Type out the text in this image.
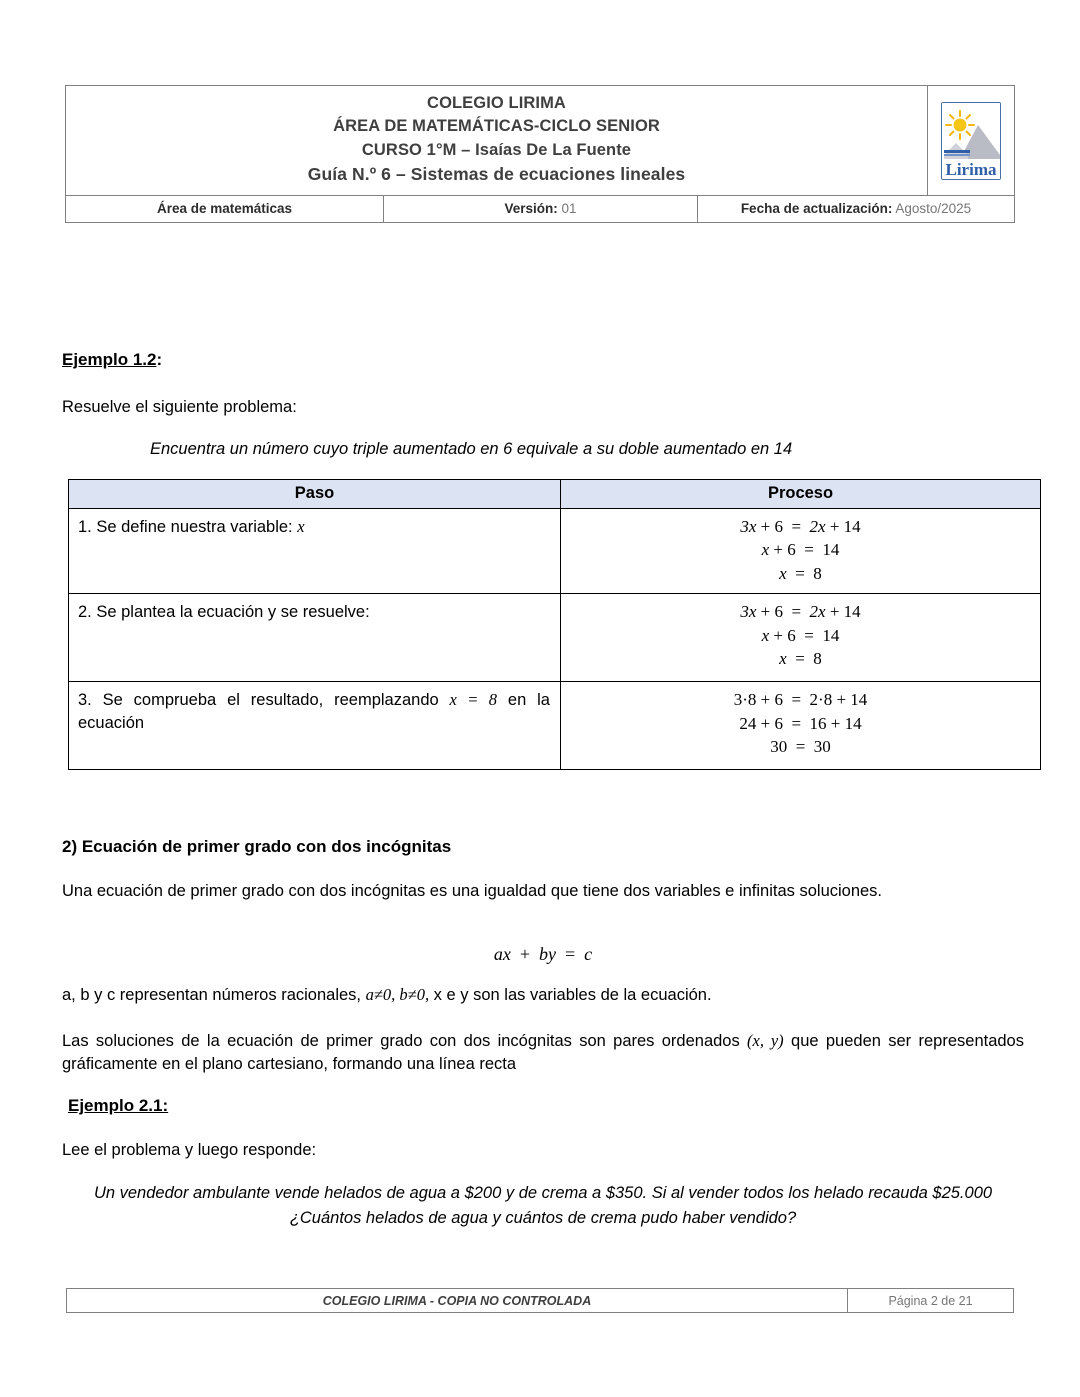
COLEGIO LIRIMA
ÁREA DE MATEMÁTICAS-CICLO SENIOR
CURSO 1°M – Isaías De La Fuente
Guía N.º 6 – Sistemas de ecuaciones lineales	Lirima
Área de matemáticas	Versión: 01	Fecha de actualización: Agosto/2025
Ejemplo 1.2:
Resuelve el siguiente problema:
Encuentra un número cuyo triple aumentado en 6 equivale a su doble aumentado en 14
Paso	Proceso
1. Se define nuestra variable: x	3x + 6  =  2x + 14
x + 6  =  14
x  =  8

2. Se plantea la ecuación y se resuelve:	3x + 6  =  2x + 14
x + 6  =  14
x  =  8

3. Se comprueba el resultado, reemplazando x = 8 en la ecuación	3·8 + 6  =  2·8 + 14
24 + 6  =  16 + 14
30  =  30
2) Ecuación de primer grado con dos incógnitas
Una ecuación de primer grado con dos incógnitas es una igualdad que tiene dos variables e infinitas soluciones.
ax  +  by  =  c
a, b y c representan números racionales, a≠0, b≠0, x e y son las variables de la ecuación.
Las soluciones de la ecuación de primer grado con dos incógnitas son pares ordenados (x, y) que pueden ser representados gráficamente en el plano cartesiano, formando una línea recta
Ejemplo 2.1:
Lee el problema y luego responde:
Un vendedor ambulante vende helados de agua a $200 y de crema a $350. Si al vender todos los helado recauda $25.000 ¿Cuántos helados de agua y cuántos de crema pudo haber vendido?
COLEGIO LIRIMA - COPIA NO CONTROLADA	Página 2 de 21
